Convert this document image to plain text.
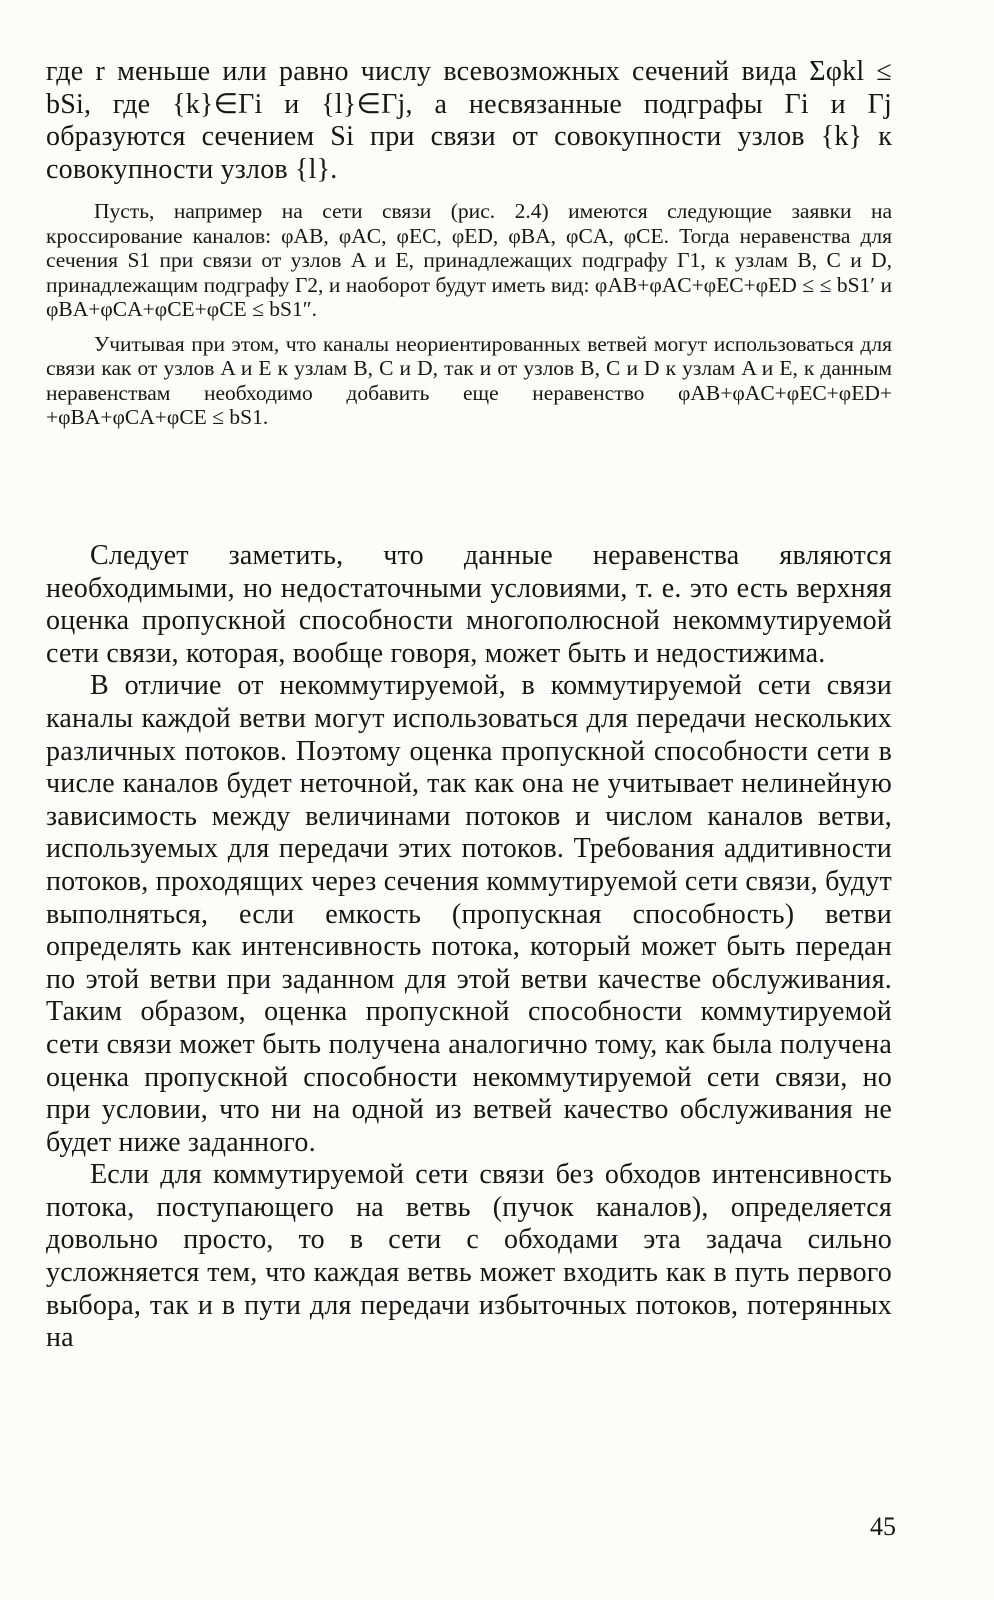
где r меньше или равно числу всевозможных сечений вида Σφkl ≤ bSi, где {k}∈Γi и {l}∈Γj, а несвязанные подграфы Γi и Γj образуются сечением Si при связи от совокупности узлов {k} к совокупности узлов {l}.

Пусть, например на сети связи (рис. 2.4) имеются следующие заявки на кроссирование каналов: φAB, φAC, φEC, φED, φBA, φCA, φCE. Тогда неравенства для сечения S1 при связи от узлов A и E, принадлежащих подграфу Γ1, к узлам B, C и D, принадлежащим подграфу Γ2, и наоборот будут иметь вид: φAB+φAC+φEC+φED ≤ ≤ bS1′ и φBA+φCA+φCE+φCE ≤ bS1″.

Учитывая при этом, что каналы неориентированных ветвей могут использоваться для связи как от узлов A и E к узлам B, C и D, так и от узлов B, C и D к узлам A и E, к данным неравенствам необходимо добавить еще неравенство φAB+φAC+φEC+φED+ +φBA+φCA+φCE ≤ bS1.

Следует заметить, что данные неравенства являются необходимыми, но недостаточными условиями, т. е. это есть верхняя оценка пропускной способности многополюсной некоммутируемой сети связи, которая, вообще говоря, может быть и недостижима.

В отличие от некоммутируемой, в коммутируемой сети связи каналы каждой ветви могут использоваться для передачи нескольких различных потоков. Поэтому оценка пропускной способности сети в числе каналов будет неточной, так как она не учитывает нелинейную зависимость между величинами потоков и числом каналов ветви, используемых для передачи этих потоков. Требования аддитивности потоков, проходящих через сечения коммутируемой сети связи, будут выполняться, если емкость (пропускная способность) ветви определять как интенсивность потока, который может быть передан по этой ветви при заданном для этой ветви качестве обслуживания. Таким образом, оценка пропускной способности коммутируемой сети связи может быть получена аналогично тому, как была получена оценка пропускной способности некоммутируемой сети связи, но при условии, что ни на одной из ветвей качество обслуживания не будет ниже заданного.

Если для коммутируемой сети связи без обходов интенсивность потока, поступающего на ветвь (пучок каналов), определяется довольно просто, то в сети с обходами эта задача сильно усложняется тем, что каждая ветвь может входить как в путь первого выбора, так и в пути для передачи избыточных потоков, потерянных на

45
